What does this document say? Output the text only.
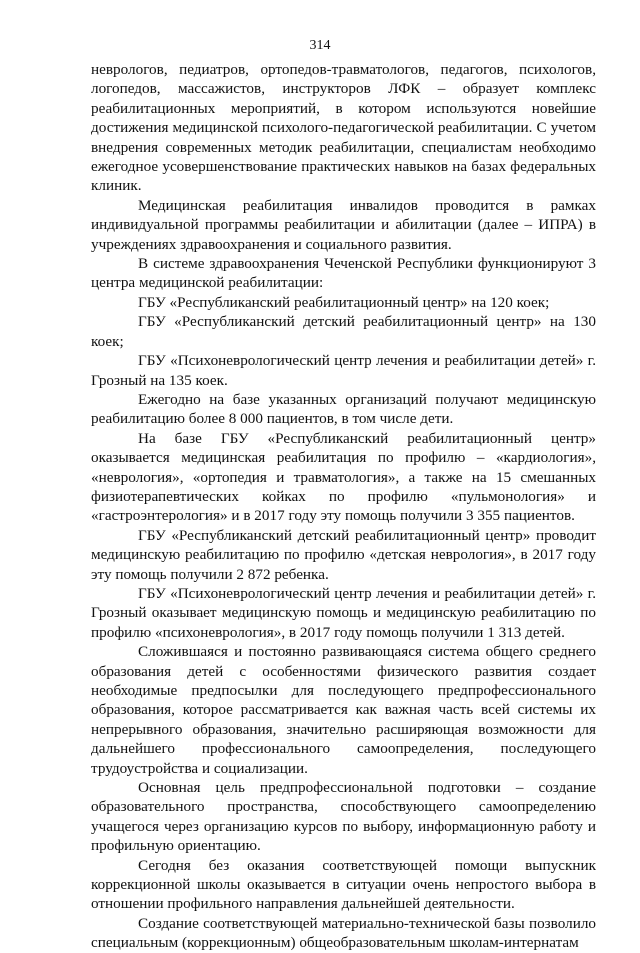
314

неврологов, педиатров, ортопедов-травматологов, педагогов, психологов, логопедов, массажистов, инструкторов ЛФК – образует комплекс реабилитационных мероприятий, в котором используются новейшие достижения медицинской психолого-педагогической реабилитации. С учетом внедрения современных методик реабилитации, специалистам необходимо ежегодное усовершенствование практических навыков на базах федеральных клиник.

Медицинская реабилитация инвалидов проводится в рамках индивидуальной программы реабилитации и абилитации (далее – ИПРА) в учреждениях здравоохранения и социального развития.

В системе здравоохранения Чеченской Республики функционируют 3 центра медицинской реабилитации:

ГБУ «Республиканский реабилитационный центр» на 120 коек;

ГБУ «Республиканский детский реабилитационный центр» на 130 коек;

ГБУ «Психоневрологический центр лечения и реабилитации детей» г. Грозный на 135 коек.

Ежегодно на базе указанных организаций получают медицинскую реабилитацию более 8 000 пациентов, в том числе дети.

На базе ГБУ «Республиканский реабилитационный центр» оказывается медицинская реабилитация по профилю – «кардиология», «неврология», «ортопедия и травматология», а также на 15 смешанных физиотерапевтических койках по профилю «пульмонология» и «гастроэнтерология» и в 2017 году эту помощь получили 3 355 пациентов.

ГБУ «Республиканский детский реабилитационный центр» проводит медицинскую реабилитацию по профилю «детская неврология», в 2017 году эту помощь получили 2 872 ребенка.

ГБУ «Психоневрологический центр лечения и реабилитации детей» г. Грозный оказывает медицинскую помощь и медицинскую реабилитацию по профилю «психоневрология», в 2017 году помощь получили 1 313 детей.

Сложившаяся и постоянно развивающаяся система общего среднего образования детей с особенностями физического развития создает необходимые предпосылки для последующего предпрофессионального образования, которое рассматривается как важная часть всей системы их непрерывного образования, значительно расширяющая возможности для дальнейшего профессионального самоопределения, последующего трудоустройства и социализации.

Основная цель предпрофессиональной подготовки – создание образовательного пространства, способствующего самоопределению учащегося через организацию курсов по выбору, информационную работу и профильную ориентацию.

Сегодня без оказания соответствующей помощи выпускник коррекционной школы оказывается в ситуации очень непростого выбора в отношении профильного направления дальнейшей деятельности.

Создание соответствующей материально-технической базы позволило специальным (коррекционным) общеобразовательным школам-интернатам
